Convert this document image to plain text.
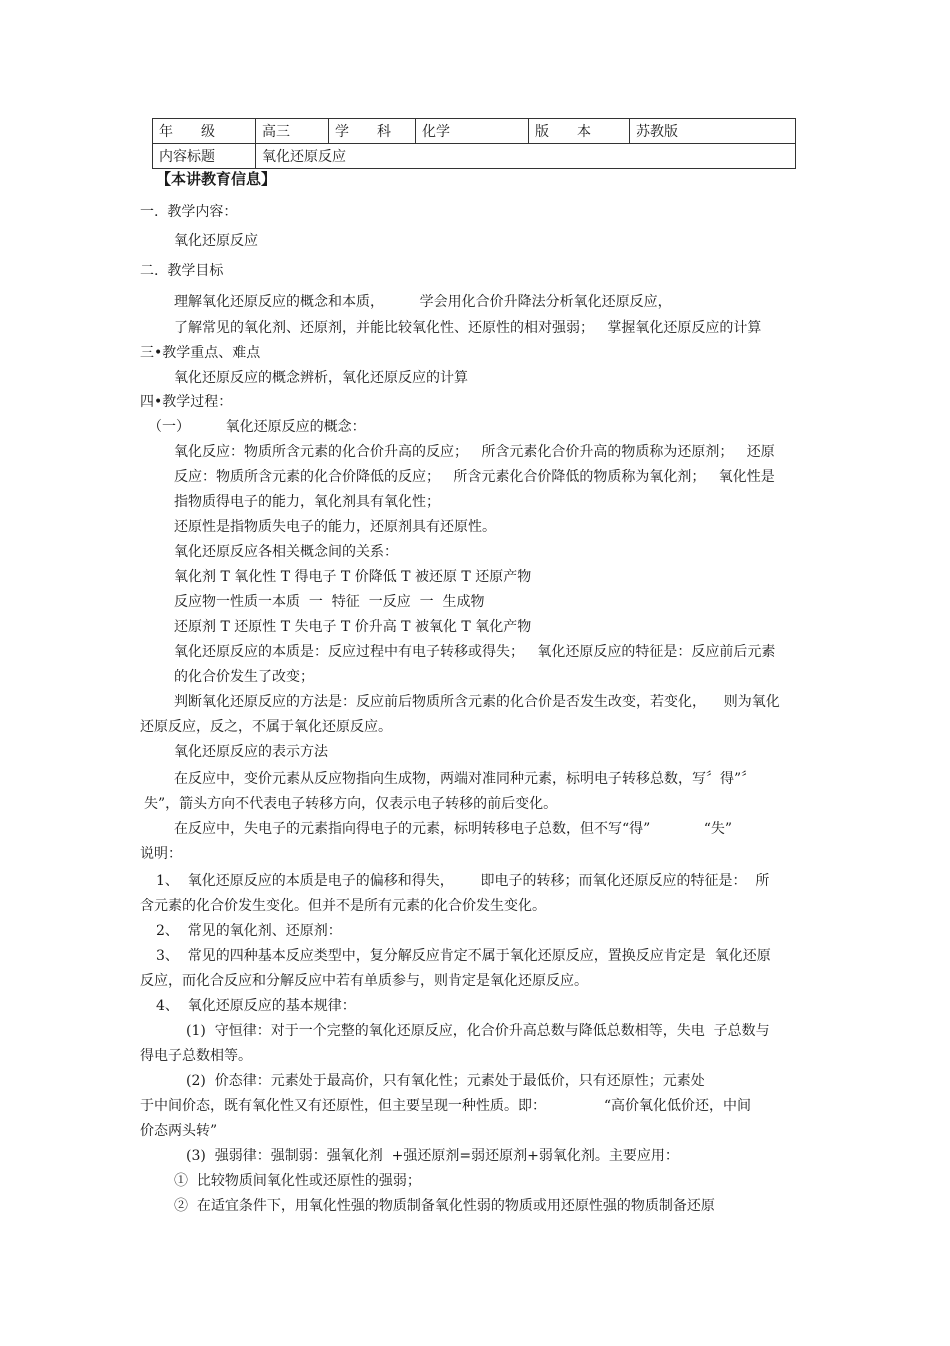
年　　级	高三	学　　科	化学	版　　本	苏教版
内容标题	氧化还原反应				
【本讲教育信息】
一.  教学内容：
氧化还原反应
二.  教学目标
理解氧化还原反应的概念和本质，        学会用化合价升降法分析氧化还原反应，
了解常见的氧化剂、还原剂，并能比较氧化性、还原性的相对强弱；   掌握氧化还原反应的计算
三•教学重点、难点
氧化还原反应的概念辨析，氧化还原反应的计算
四•教学过程：
（一）        氧化还原反应的概念：
氧化反应：物质所含元素的化合价升高的反应；   所含元素化合价升高的物质称为还原剂；   还原
反应：物质所含元素的化合价降低的反应；   所含元素化合价降低的物质称为氧化剂；   氧化性是
指物质得电子的能力，氧化剂具有氧化性；
还原性是指物质失电子的能力，还原剂具有还原性。
氧化还原反应各相关概念间的关系：
氧化剂 T 氧化性 T 得电子 T 价降低 T 被还原 T 还原产物
反应物一性质一本质  一  特征  一反应  一  生成物
还原剂 T 还原性 T 失电子 T 价升高 T 被氧化 T 氧化产物
氧化还原反应的本质是：反应过程中有电子转移或得失；   氧化还原反应的特征是：反应前后元素
的化合价发生了改变；
判断氧化还原反应的方法是：反应前后物质所含元素的化合价是否发生改变，若变化，    则为氧化
还原反应，反之，不属于氧化还原反应。
氧化还原反应的表示方法
在反应中，变价元素从反应物指向生成物，两端对准同种元素，标明电子转移总数，写〞得”〞
失”，箭头方向不代表电子转移方向，仅表示电子转移的前后变化。
在反应中，失电子的元素指向得电子的元素，标明转移电子总数，但不写“得”            “失”
说明：
1、  氧化还原反应的本质是电子的偏移和得失，      即电子的转移；而氧化还原反应的特征是：  所
含元素的化合价发生变化。但并不是所有元素的化合价发生变化。
2、  常见的氧化剂、还原剂：
3、  常见的四种基本反应类型中，复分解反应肯定不属于氧化还原反应，置换反应肯定是  氧化还原
反应，而化合反应和分解反应中若有单质参与，则肯定是氧化还原反应。
4、  氧化还原反应的基本规律：
(1)  守恒律：对于一个完整的氧化还原反应，化合价升高总数与降低总数相等，失电  子总数与
得电子总数相等。
(2)  价态律：元素处于最高价，只有氧化性；元素处于最低价，只有还原性；元素处
于中间价态，既有氧化性又有还原性，但主要呈现一种性质。即：             “高价氧化低价还，中间
价态两头转”
(3)  强弱律：强制弱：强氧化剂  +强还原剂=弱还原剂+弱氧化剂。主要应用：
①  比较物质间氧化性或还原性的强弱；
②  在适宜条件下，用氧化性强的物质制备氧化性弱的物质或用还原性强的物质制备还原
